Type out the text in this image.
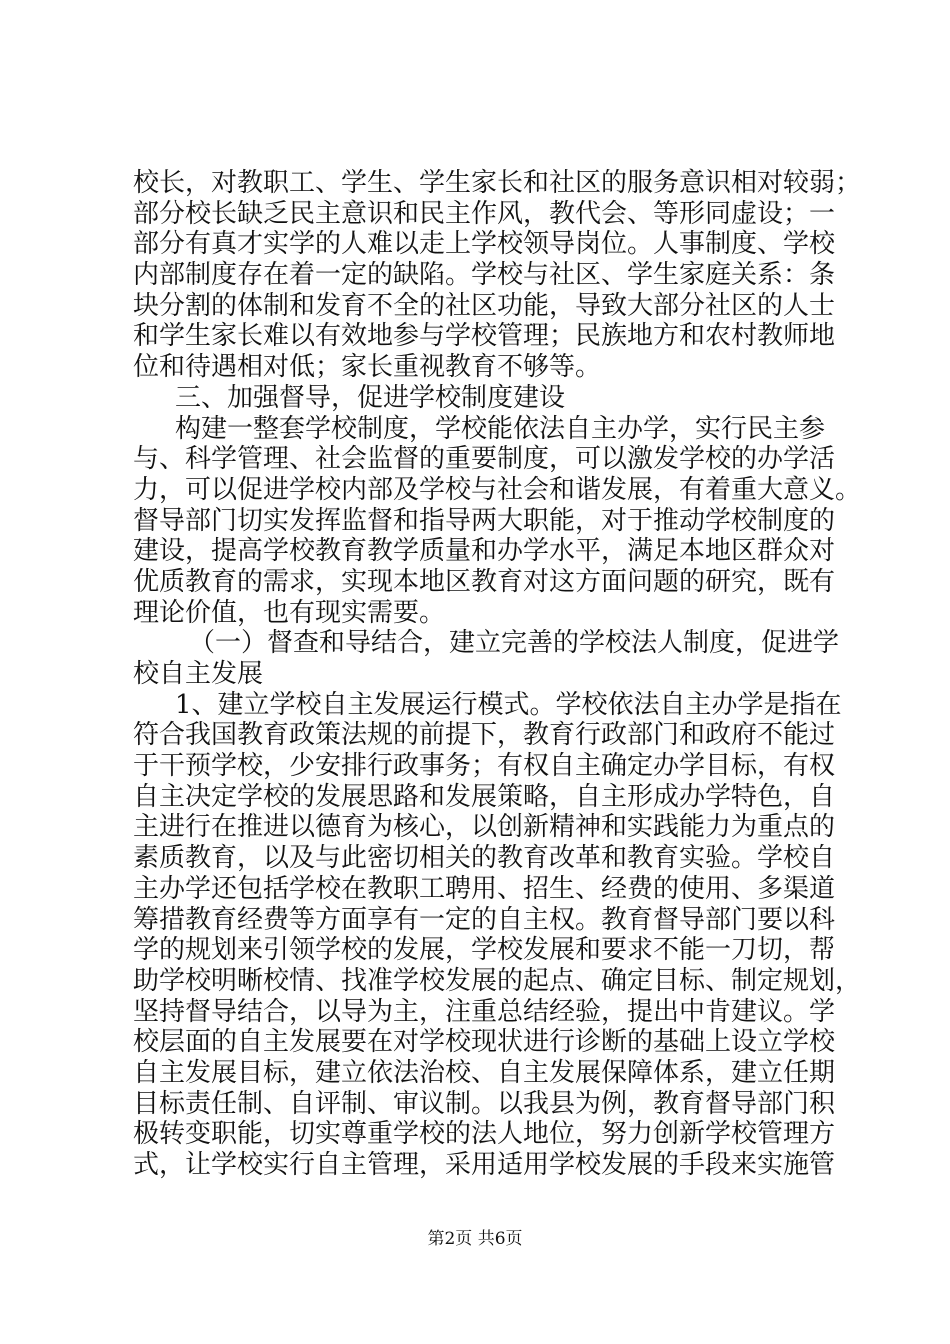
校长，对教职工、学生、学生家长和社区的服务意识相对较弱；
部分校长缺乏民主意识和民主作风，教代会、等形同虚设；一
部分有真才实学的人难以走上学校领导岗位。人事制度、学校
内部制度存在着一定的缺陷。学校与社区、学生家庭关系：条
块分割的体制和发育不全的社区功能，导致大部分社区的人士
和学生家长难以有效地参与学校管理；民族地方和农村教师地
位和待遇相对低；家长重视教育不够等。
三、加强督导，促进学校制度建设
构建一整套学校制度，学校能依法自主办学，实行民主参
与、科学管理、社会监督的重要制度，可以激发学校的办学活
力，可以促进学校内部及学校与社会和谐发展，有着重大意义。
督导部门切实发挥监督和指导两大职能，对于推动学校制度的
建设，提高学校教育教学质量和办学水平，满足本地区群众对
优质教育的需求，实现本地区教育对这方面问题的研究，既有
理论价值，也有现实需要。
（一）督查和导结合，建立完善的学校法人制度，促进学
校自主发展
1、建立学校自主发展运行模式。学校依法自主办学是指在
符合我国教育政策法规的前提下，教育行政部门和政府不能过
于干预学校，少安排行政事务；有权自主确定办学目标，有权
自主决定学校的发展思路和发展策略，自主形成办学特色，自
主进行在推进以德育为核心，以创新精神和实践能力为重点的
素质教育，以及与此密切相关的教育改革和教育实验。学校自
主办学还包括学校在教职工聘用、招生、经费的使用、多渠道
筹措教育经费等方面享有一定的自主权。教育督导部门要以科
学的规划来引领学校的发展，学校发展和要求不能一刀切，帮
助学校明晰校情、找准学校发展的起点、确定目标、制定规划，
坚持督导结合，以导为主，注重总结经验，提出中肯建议。学
校层面的自主发展要在对学校现状进行诊断的基础上设立学校
自主发展目标，建立依法治校、自主发展保障体系，建立任期
目标责任制、自评制、审议制。以我县为例，教育督导部门积
极转变职能，切实尊重学校的法人地位，努力创新学校管理方
式，让学校实行自主管理，采用适用学校发展的手段来实施管
第2页 共6页
